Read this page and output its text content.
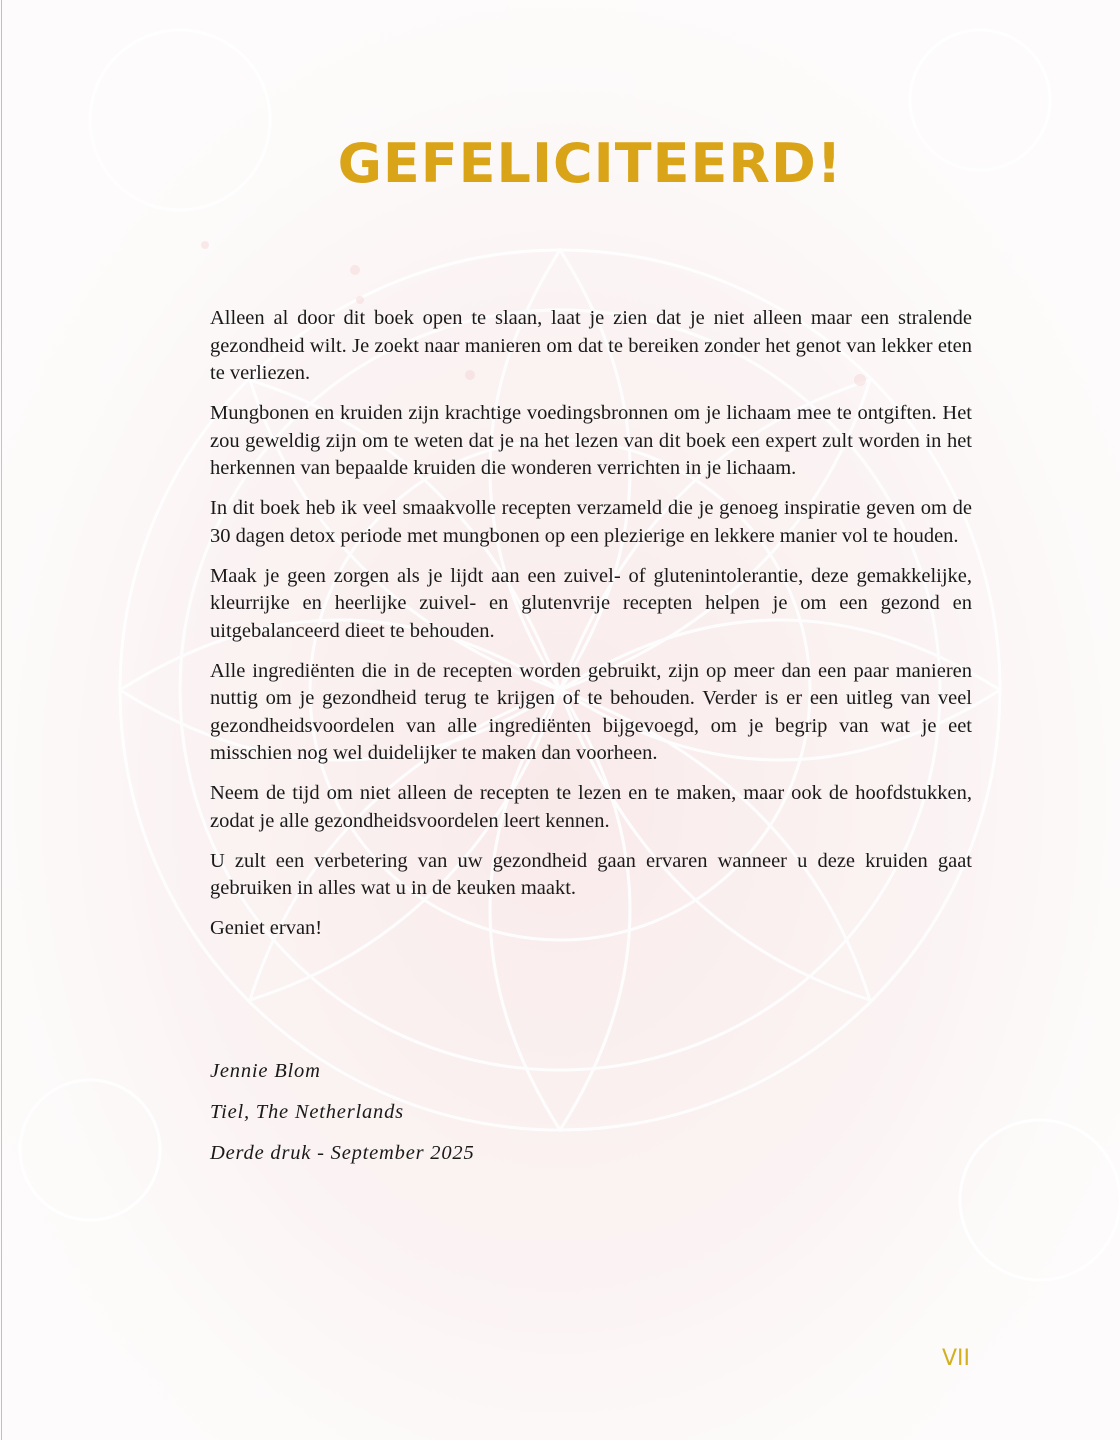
GEFELICITEERD!

Alleen al door dit boek open te slaan, laat je zien dat je niet alleen maar een stralende gezondheid wilt. Je zoekt naar manieren om dat te bereiken zonder het genot van lekker eten te verliezen.

Mungbonen en kruiden zijn krachtige voedingsbronnen om je lichaam mee te ontgiften. Het zou geweldig zijn om te weten dat je na het lezen van dit boek een expert zult worden in het herkennen van bepaalde kruiden die wonderen verrichten in je lichaam.

In dit boek heb ik veel smaakvolle recepten verzameld die je genoeg inspiratie geven om de 30 dagen detox periode met mungbonen op een plezierige en lekkere manier vol te houden.

Maak je geen zorgen als je lijdt aan een zuivel- of glutenintolerantie, deze gemakkelijke, kleurrijke en heerlijke zuivel- en glutenvrije recepten helpen je om een gezond en uitgebalanceerd dieet te behouden.

Alle ingrediënten die in de recepten worden gebruikt, zijn op meer dan een paar manieren nuttig om je gezondheid terug te krijgen of te behouden. Verder is er een uitleg van veel gezondheidsvoordelen van alle ingrediënten bijgevoegd, om je begrip van wat je eet misschien nog wel duidelijker te maken dan voorheen.

Neem de tijd om niet alleen de recepten te lezen en te maken, maar ook de hoofdstukken, zodat je alle gezondheidsvoordelen leert kennen.

U zult een verbetering van uw gezondheid gaan ervaren wanneer u deze kruiden gaat gebruiken in alles wat u in de keuken maakt.

Geniet ervan!

Jennie Blom
Tiel, The Netherlands
Derde druk - September 2025
VII
